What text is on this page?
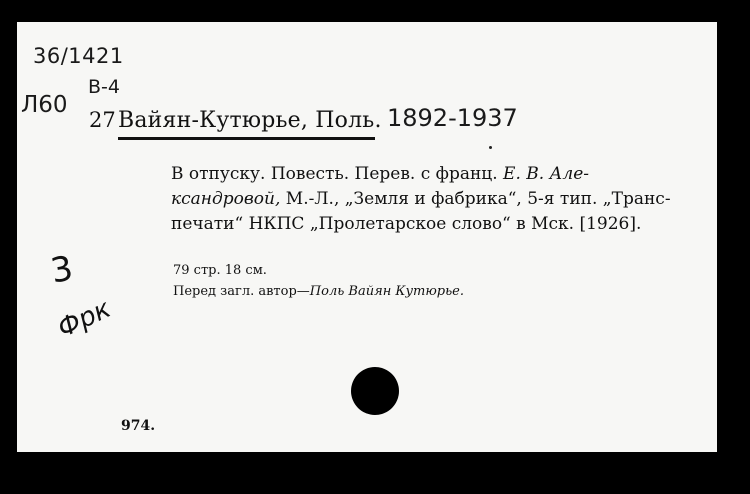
36/1421
В-4
Л60
27 Вайян-Кутюрье, Поль. 1892-1937
В отпуску. Повесть. Перев. с франц. Е. В. Але-
ксандровой, М.-Л., „Земля и фабрика“, 5-я тип. „Транс-
печати“ НКПС „Пролетарское слово“ в Мск. [1926].
79 стр. 18 см.
Перед загл. автор—Поль Вайян Кутюрье.
3
Фрк
974.
